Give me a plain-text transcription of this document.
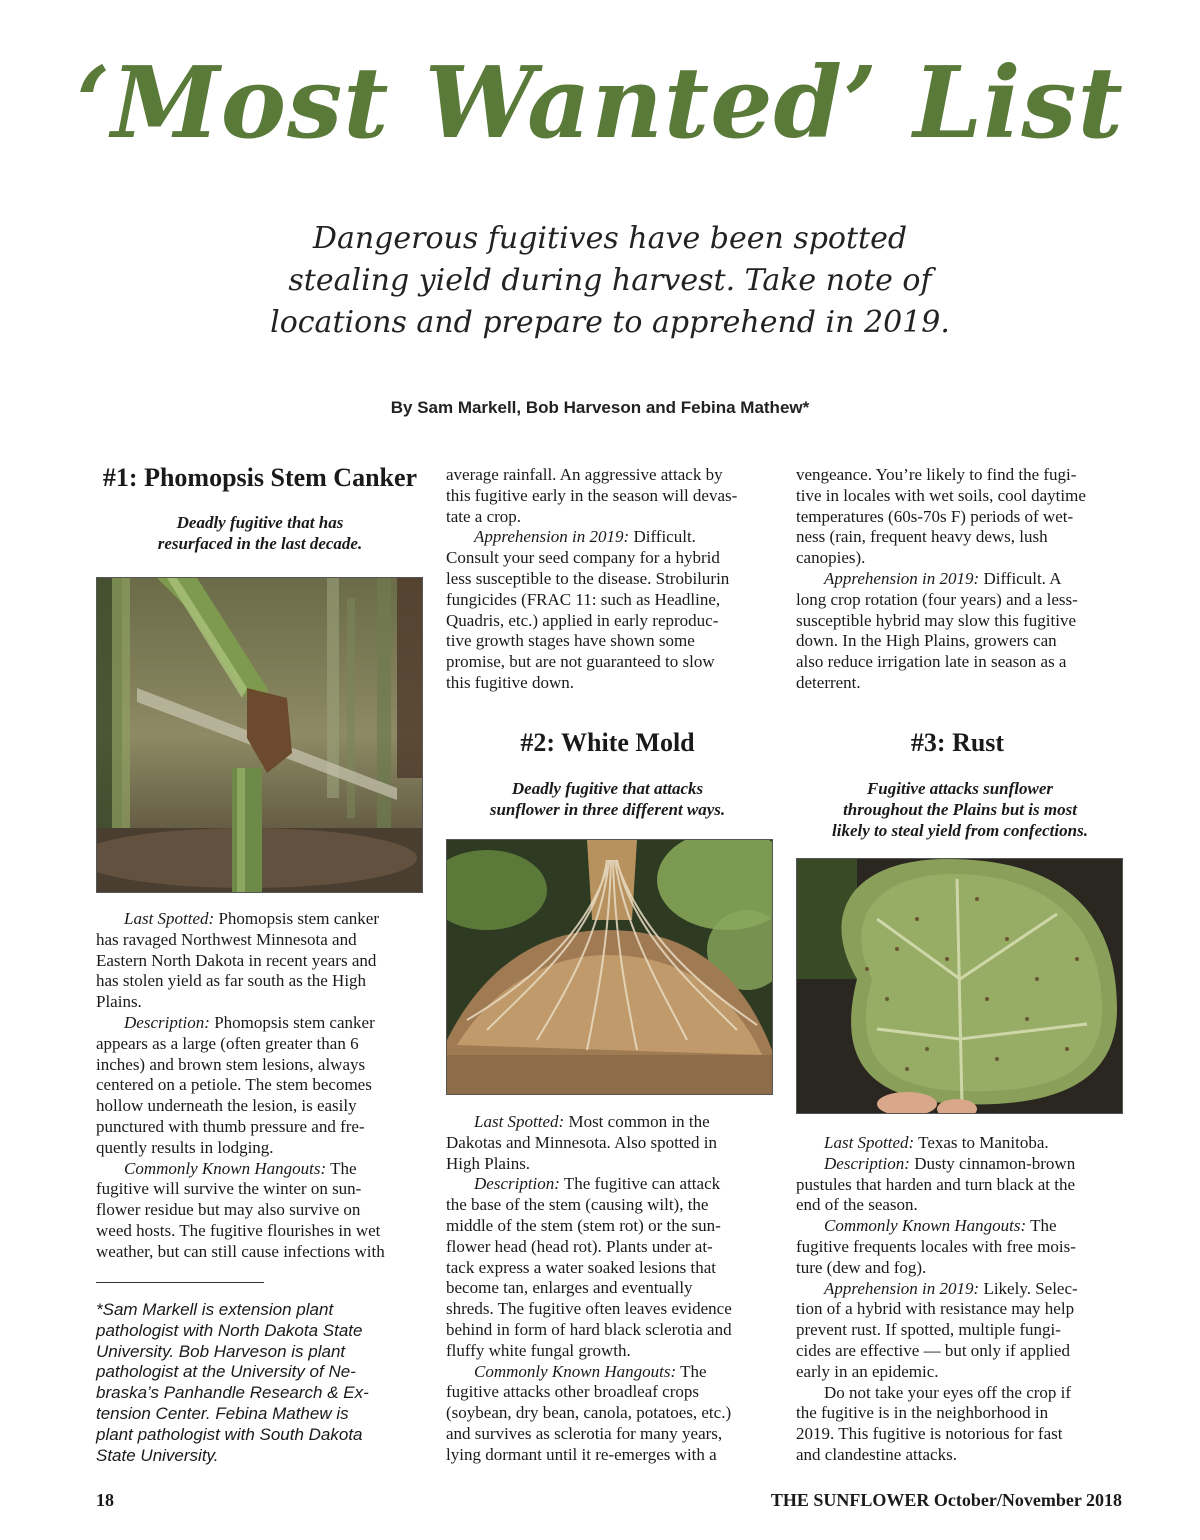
‘Most Wanted’ List
Dangerous fugitives have been spotted
stealing yield during harvest. Take note of
locations and prepare to apprehend in 2019.
By Sam Markell, Bob Harveson and Febina Mathew*
#1: Phomopsis Stem Canker
Deadly fugitive that has
resurfaced in the last decade.
Last Spotted: Phomopsis stem canker
has ravaged Northwest Minnesota and
Eastern North Dakota in recent years and
has stolen yield as far south as the High
Plains.
Description: Phomopsis stem canker
appears as a large (often greater than 6
inches) and brown stem lesions, always
centered on a petiole. The stem becomes
hollow underneath the lesion, is easily
punctured with thumb pressure and fre-
quently results in lodging.
Commonly Known Hangouts: The
fugitive will survive the winter on sun-
flower residue but may also survive on
weed hosts. The fugitive flourishes in wet
weather, but can still cause infections with
*Sam Markell is extension plant
pathologist with North Dakota State
University. Bob Harveson is plant
pathologist at the University of Ne-
braska’s Panhandle Research & Ex-
tension Center. Febina Mathew is
plant pathologist with South Dakota
State University.
average rainfall. An aggressive attack by
this fugitive early in the season will devas-
tate a crop.
Apprehension in 2019: Difficult.
Consult your seed company for a hybrid
less susceptible to the disease. Strobilurin
fungicides (FRAC 11: such as Headline,
Quadris, etc.) applied in early reproduc-
tive growth stages have shown some
promise, but are not guaranteed to slow
this fugitive down.
#2: White Mold
Deadly fugitive that attacks
sunflower in three different ways.
Last Spotted: Most common in the
Dakotas and Minnesota. Also spotted in
High Plains.
Description: The fugitive can attack
the base of the stem (causing wilt), the
middle of the stem (stem rot) or the sun-
flower head (head rot). Plants under at-
tack express a water soaked lesions that
become tan, enlarges and eventually
shreds. The fugitive often leaves evidence
behind in form of hard black sclerotia and
fluffy white fungal growth.
Commonly Known Hangouts: The
fugitive attacks other broadleaf crops
(soybean, dry bean, canola, potatoes, etc.)
and survives as sclerotia for many years,
lying dormant until it re-emerges with a
vengeance. You’re likely to find the fugi-
tive in locales with wet soils, cool daytime
temperatures (60s-70s F) periods of wet-
ness (rain, frequent heavy dews, lush
canopies).
Apprehension in 2019: Difficult. A
long crop rotation (four years) and a less-
susceptible hybrid may slow this fugitive
down. In the High Plains, growers can
also reduce irrigation late in season as a
deterrent.
#3: Rust
Fugitive attacks sunflower
throughout the Plains but is most
likely to steal yield from confections.
Last Spotted: Texas to Manitoba.
Description: Dusty cinnamon-brown
pustules that harden and turn black at the
end of the season.
Commonly Known Hangouts: The
fugitive frequents locales with free mois-
ture (dew and fog).
Apprehension in 2019: Likely. Selec-
tion of a hybrid with resistance may help
prevent rust. If spotted, multiple fungi-
cides are effective — but only if applied
early in an epidemic.
Do not take your eyes off the crop if
the fugitive is in the neighborhood in
2019. This fugitive is notorious for fast
and clandestine attacks.
18	THE SUNFLOWER October/November 2018
